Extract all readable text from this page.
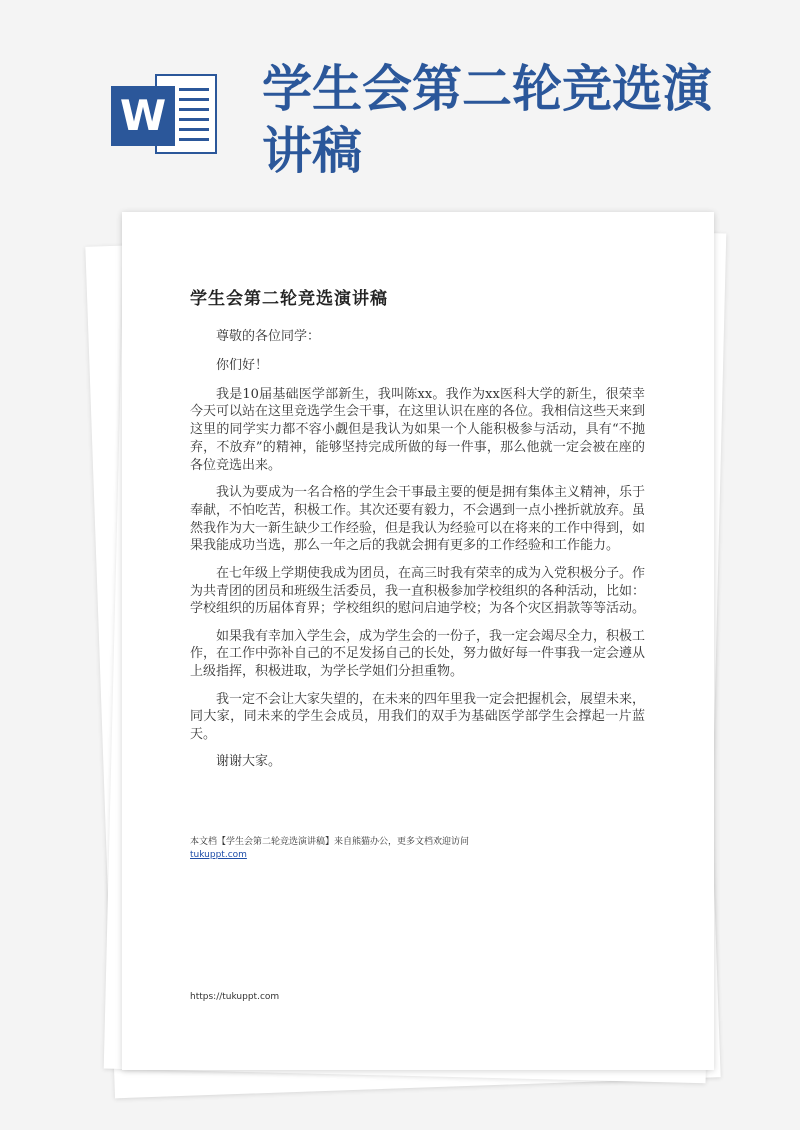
W 学生会第二轮竞选演讲稿
学生会第二轮竞选演讲稿

尊敬的各位同学：

你们好！

我是10届基础医学部新生，我叫陈xx。我作为xx医科大学的新生，很荣幸今天可以站在这里竞选学生会干事，在这里认识在座的各位。我相信这些天来到这里的同学实力都不容小觑但是我认为如果一个人能积极参与活动，具有“不抛弃，不放弃”的精神，能够坚持完成所做的每一件事，那么他就一定会被在座的各位竞选出来。

我认为要成为一名合格的学生会干事最主要的便是拥有集体主义精神，乐于奉献，不怕吃苦，积极工作。其次还要有毅力，不会遇到一点小挫折就放弃。虽然我作为大一新生缺少工作经验，但是我认为经验可以在将来的工作中得到，如果我能成功当选，那么一年之后的我就会拥有更多的工作经验和工作能力。

在七年级上学期使我成为团员，在高三时我有荣幸的成为入党积极分子。作为共青团的团员和班级生活委员，我一直积极参加学校组织的各种活动，比如：学校组织的历届体育界；学校组织的慰问启迪学校；为各个灾区捐款等等活动。

如果我有幸加入学生会，成为学生会的一份子，我一定会竭尽全力，积极工作，在工作中弥补自己的不足发扬自己的长处，努力做好每一件事我一定会遵从上级指挥，积极进取，为学长学姐们分担重物。

我一定不会让大家失望的，在未来的四年里我一定会把握机会，展望未来，同大家，同未来的学生会成员，用我们的双手为基础医学部学生会撑起一片蓝天。

谢谢大家。

本文档【学生会第二轮竞选演讲稿】来自熊猫办公，更多文档欢迎访问
tukuppt.com
https://tukuppt.com
